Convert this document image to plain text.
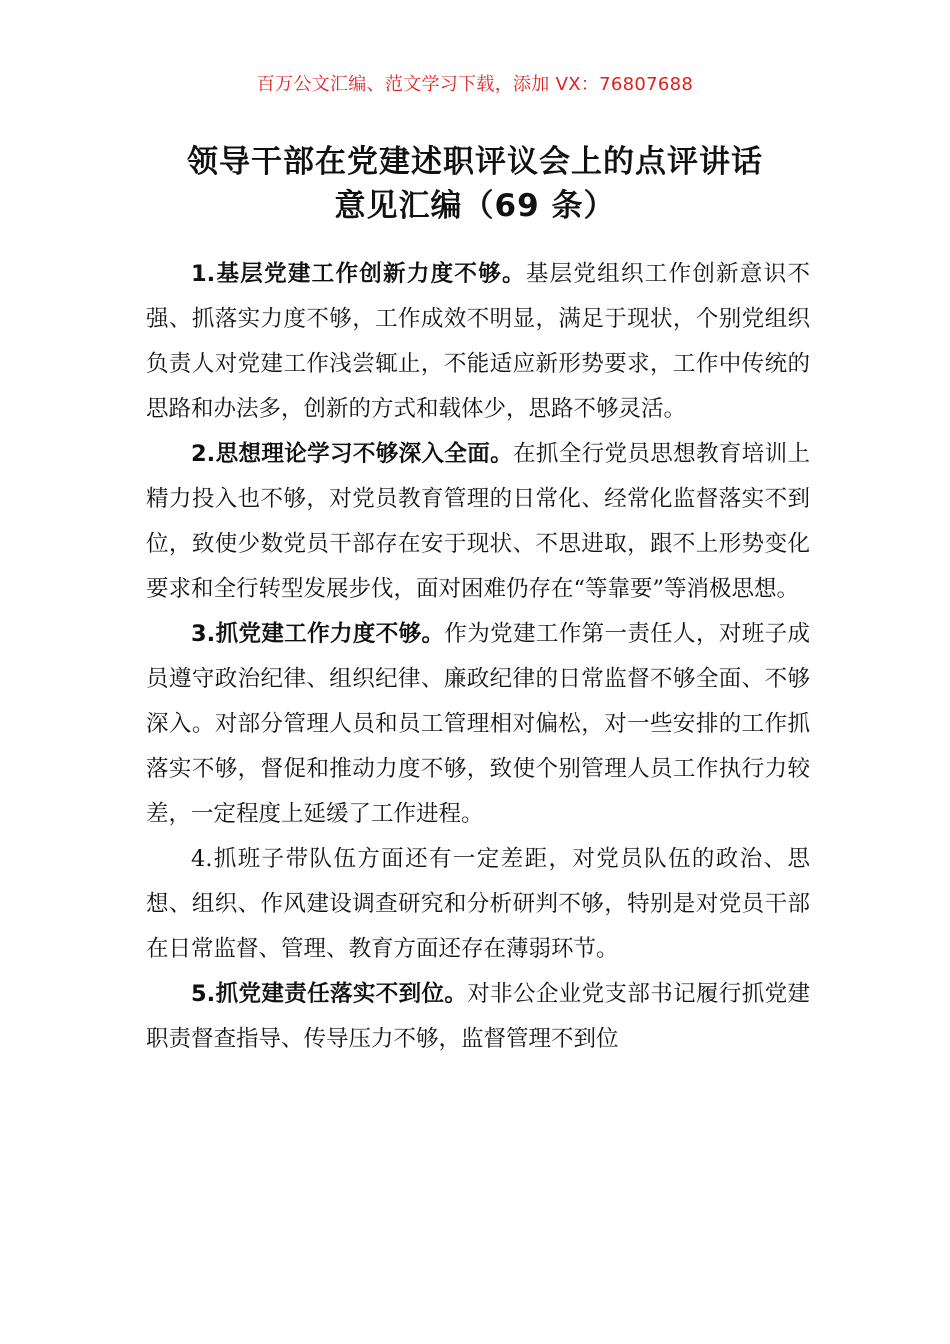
百万公文汇编、范文学习下载，添加 VX：76807688
领导干部在党建述职评议会上的点评讲话
意见汇编（69 条）

1.基层党建工作创新力度不够。基层党组织工作创新意识不强、抓落实力度不够，工作成效不明显，满足于现状，个别党组织负责人对党建工作浅尝辄止，不能适应新形势要求，工作中传统的思路和办法多，创新的方式和载体少，思路不够灵活。

2.思想理论学习不够深入全面。在抓全行党员思想教育培训上精力投入也不够，对党员教育管理的日常化、经常化监督落实不到位，致使少数党员干部存在安于现状、不思进取，跟不上形势变化要求和全行转型发展步伐，面对困难仍存在“等靠要”等消极思想。

3.抓党建工作力度不够。作为党建工作第一责任人，对班子成员遵守政治纪律、组织纪律、廉政纪律的日常监督不够全面、不够深入。对部分管理人员和员工管理相对偏松，对一些安排的工作抓落实不够，督促和推动力度不够，致使个别管理人员工作执行力较差，一定程度上延缓了工作进程。

4.抓班子带队伍方面还有一定差距，对党员队伍的政治、思想、组织、作风建设调查研究和分析研判不够，特别是对党员干部在日常监督、管理、教育方面还存在薄弱环节。

5.抓党建责任落实不到位。对非公企业党支部书记履行抓党建职责督查指导、传导压力不够，监督管理不到位
